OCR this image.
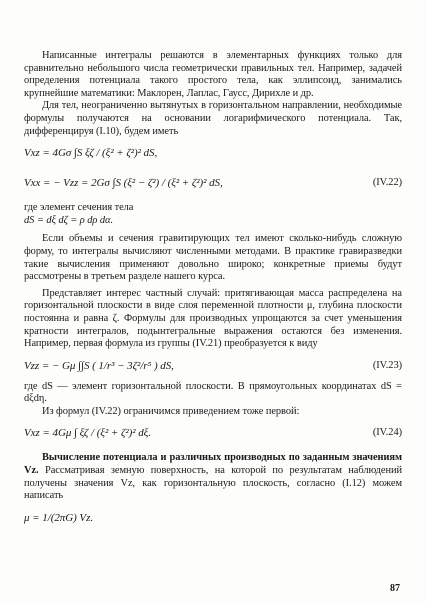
Написанные интегралы решаются в элементарных функциях только для сравнительно небольшого числа геометрически правильных тел. Например, задачей определения потенциала такого простого тела, как эллипсоид, занимались крупнейшие математики: Маклорен, Лаплас, Гаусс, Дирихле и др.

Для тел, неограниченно вытянутых в горизонтальном направлении, необходимые формулы получаются на основании логарифмического потенциала. Так, дифференцируя (I.10), будем иметь

Vxz = 4Gσ ∫S ξζ / (ξ² + ζ²)² dS,
Vxx = − Vzz = 2Gσ ∫S (ξ² − ζ²) / (ξ² + ζ²)² dS,	(IV.22)

где элемент сечения тела

dS = dξ dζ = ρ dρ dα.

Если объемы и сечения гравитирующих тел имеют сколько-нибудь сложную форму, то интегралы вычисляют численными методами. В практике гравиразведки такие вычисления применяют довольно широко; конкретные приемы будут рассмотрены в третьем разделе нашего курса.

Представляет интерес частный случай: притягивающая масса распределена на горизонтальной плоскости в виде слоя переменной плотности μ, глубина плоскости постоянна и равна ζ. Формулы для производных упрощаются за счет уменьшения кратности интегралов, подынтегральные выражения остаются без изменения. Например, первая формула из группы (IV.21) преобразуется к виду

Vzz = − Gμ ∫∫S ( 1/r³ − 3ζ²/r⁵ ) dS,	(IV.23)

где dS — элемент горизонтальной плоскости. В прямоугольных координатах dS = dξdη.

Из формул (IV.22) ограничимся приведением тоже первой:

Vxz = 4Gμ ∫ ξζ / (ξ² + ζ²)² dξ.	(IV.24)

Вычисление потенциала и различных производных по заданным значениям Vz. Рассматривая земную поверхность, на которой по результатам наблюдений получены значения Vz, как горизонтальную плоскость, согласно (I.12) можем написать

μ = 1/(2πG) Vz.
87
